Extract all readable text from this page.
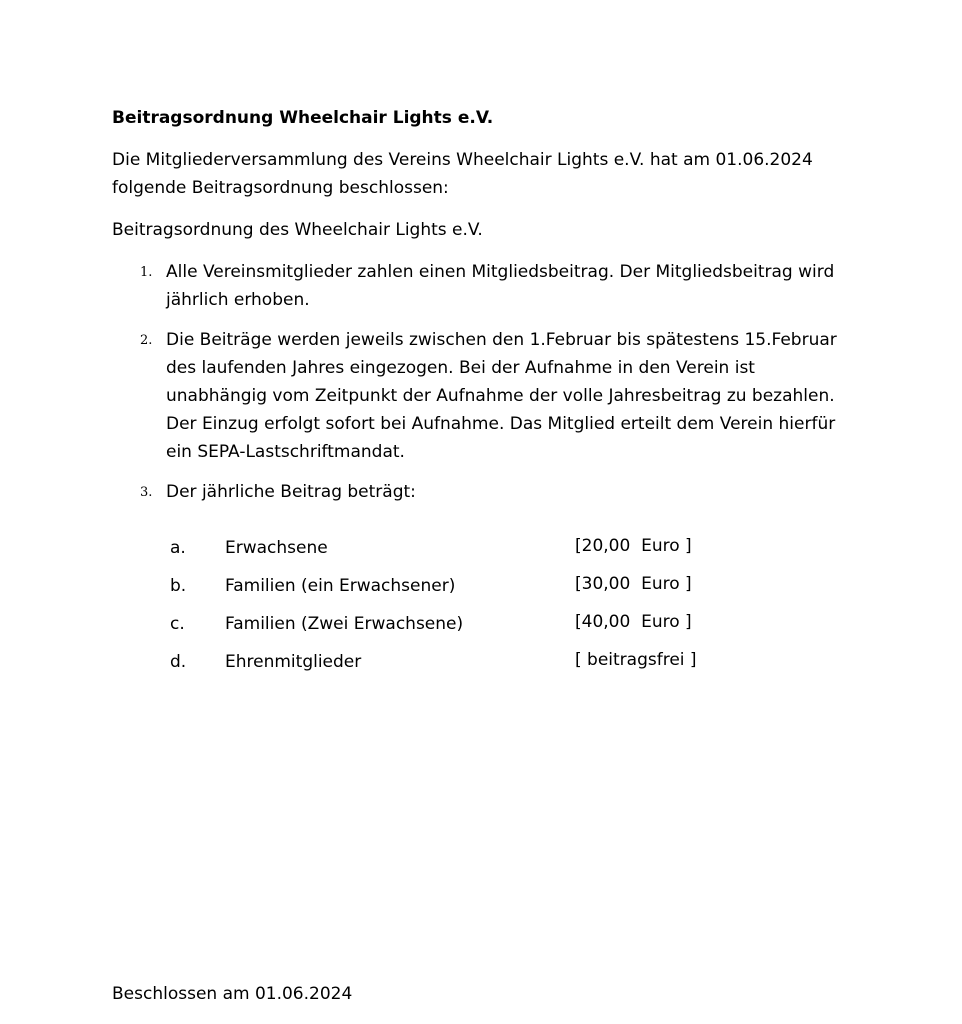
Beitragsordnung Wheelchair Lights e.V.

Die Mitgliederversammlung des Vereins Wheelchair Lights e.V. hat am 01.06.2024 folgende Beitragsordnung beschlossen:

Beitragsordnung des Wheelchair Lights e.V.

1. Alle Vereinsmitglieder zahlen einen Mitgliedsbeitrag. Der Mitgliedsbeitrag wird jährlich erhoben.
2. Die Beiträge werden jeweils zwischen den 1.Februar bis spätestens 15.Februar des laufenden Jahres eingezogen. Bei der Aufnahme in den Verein ist unabhängig vom Zeitpunkt der Aufnahme der volle Jahresbeitrag zu bezahlen. Der Einzug erfolgt sofort bei Aufnahme. Das Mitglied erteilt dem Verein hierfür ein SEPA-Lastschriftmandat.
3. Der jährliche Beitrag beträgt:
a. Erwachsene	[20,00  Euro ]
b. Familien (ein Erwachsener)	[30,00  Euro ]
c. Familien (Zwei Erwachsene)	[40,00  Euro ]
d. Ehrenmitglieder	[ beitragsfrei ]
Beschlossen am 01.06.2024
